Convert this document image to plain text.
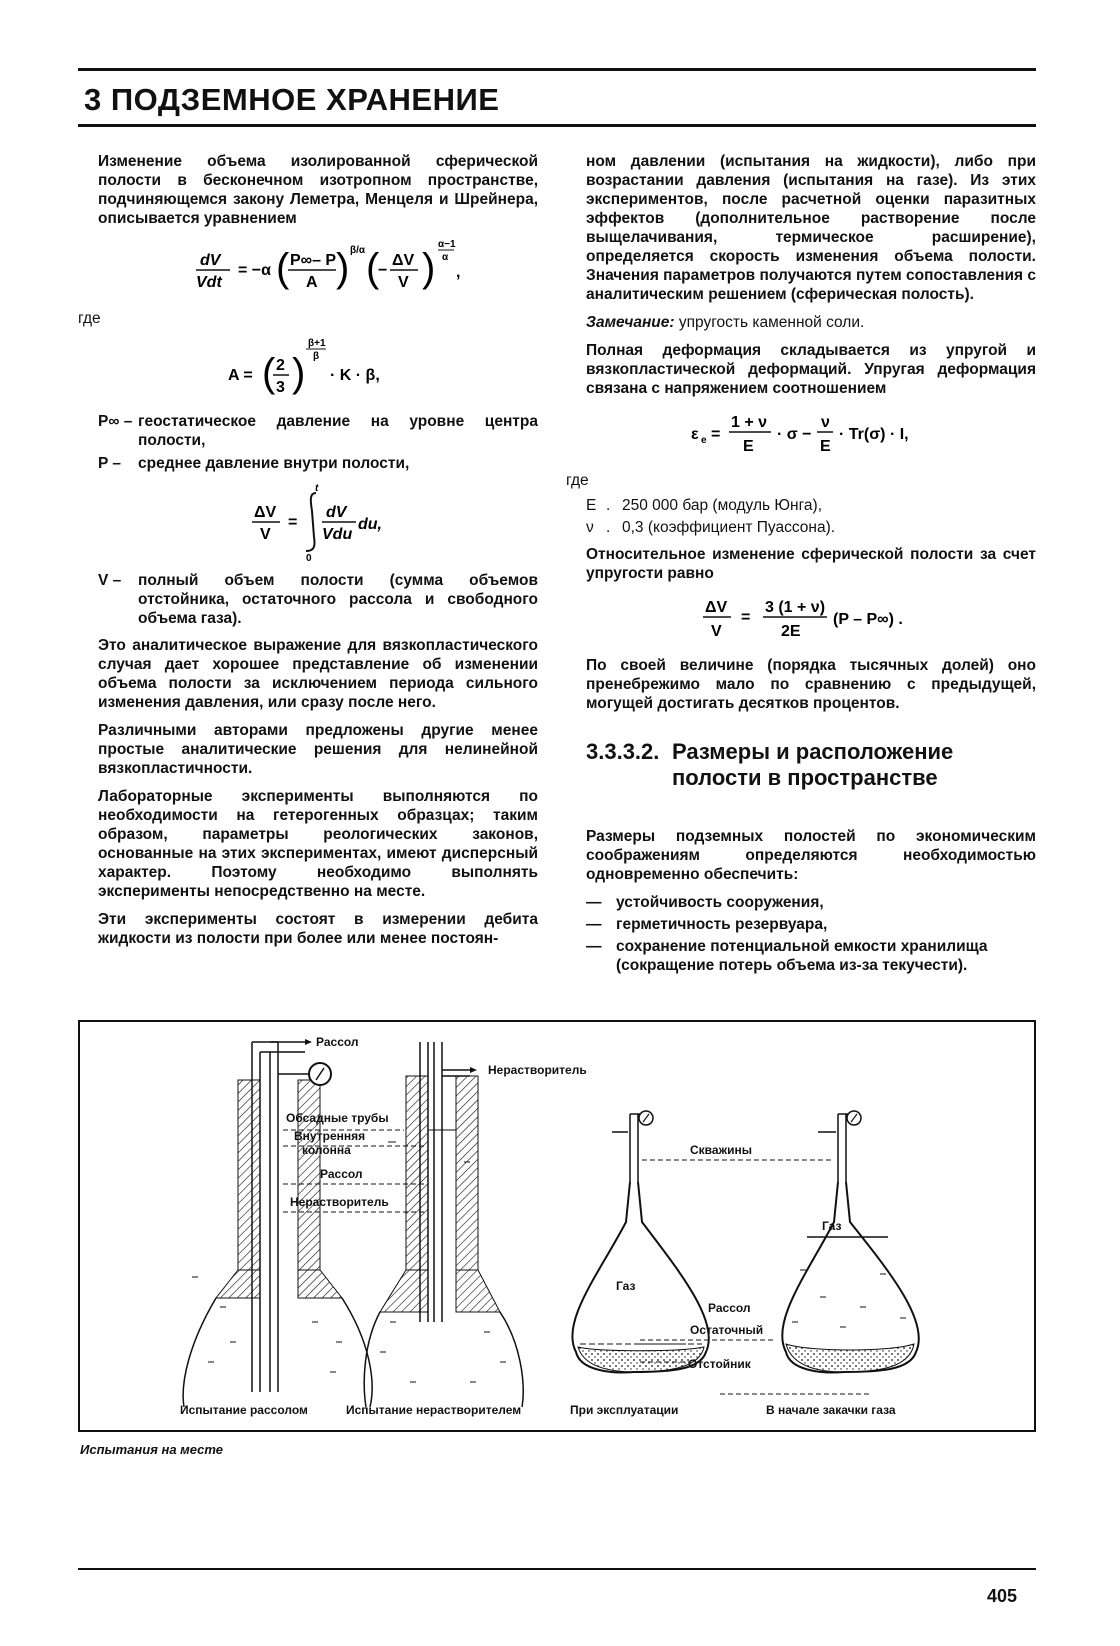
3 ПОДЗЕМНОЕ ХРАНЕНИЕ

Изменение объема изолированной сферической полости в бесконечном изотропном пространстве, подчиняющемся закону Леметра, Менцеля и Шрейнера, описывается уравнением

dV
Vdt
= −α ( P∞– P
A ) β/α (
−
ΔV
V )
α−1
α
,
где
A = ( 2
3 )
β+1
β
· K · β,
P∞ – геостатическое давление на уровне центра полости,
P –	среднее давление внутри полости,
ΔV
V
=
t
0
dV
Vdu
du,
V –	полный объем полости (сумма объемов отстойника, остаточного рассола и свободного объема газа).

Это аналитическое выражение для вязкопластического случая дает хорошее представление об изменении объема полости за исключением периода сильного изменения давления, или сразу после него.

Различными авторами предложены другие менее простые аналитические решения для нелинейной вязкопластичности.

Лабораторные эксперименты выполняются по необходимости на гетерогенных образцах; таким образом, параметры реологических законов, основанные на этих экспериментах, имеют дисперсный характер. Поэтому необходимо выполнять эксперименты непосредственно на месте.

Эти эксперименты состоят в измерении дебита жидкости из полости при более или менее постоян-

ном давлении (испытания на жидкости), либо при возрастании давления (испытания на газе). Из этих экспериментов, после расчетной оценки паразитных эффектов (дополнительное растворение после выщелачивания, термическое расширение), определяется скорость изменения объема полости. Значения параметров получаются путем сопоставления с аналитическим решением (сферическая полость).

Замечание: упругость каменной соли.

Полная деформация складывается из упругой и вязкопластической деформаций. Упругая деформация связана с напряжением соотношением

ε e =
1 + ν
E
· σ −
ν
E
· Tr(σ) · I,
где
E . 250 000 бар (модуль Юнга),
ν . 0,3 (коэффициент Пуассона).

Относительное изменение сферической полости за счет упругости равно

ΔV
V
=
3 (1 + ν)
2E
(P – P∞) .

По своей величине (порядка тысячных долей) оно пренебрежимо мало по сравнению с предыдущей, могущей достигать десятков процентов.

3.3.3.2. Размеры и расположение
полости в пространстве

Размеры подземных полостей по экономическим соображениям определяются необходимостью одновременно обеспечить:

— устойчивость сооружения,
— герметичность резервуара,
— сохранение потенциальной емкости хранилища (сокращение потерь объема из-за текучести).
Рассол
Нерастворитель
Обсадные трубы
Внутренняя
колонна
Рассол
Нерастворитель
Скважины
Газ
Газ
Рассол
Остаточный
Отстойник
Испытание рассолом	Испытание нерастворителем	При эксплуатации	В начале закачки газа
Испытания на месте
405
